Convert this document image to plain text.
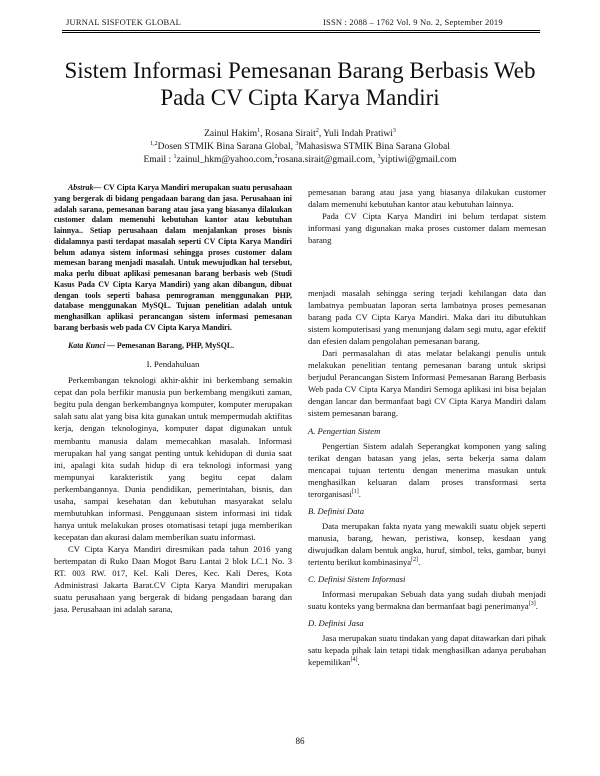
JURNAL SISFOTEK GLOBAL	ISSN : 2088 – 1762 Vol. 9 No. 2, September 2019
Sistem Informasi Pemesanan Barang Berbasis Web
Pada CV Cipta Karya Mandiri
Zainul Hakim$^1$, Rosana Sirait$^2$, Yuli Indah Pratiwi$^3$
$^{1,2}$Dosen STMIK Bina Sarana Global, $^3$Mahasiswa STMIK Bina Sarana Global
Email : $^1$zainul_hkm@yahoo.com,$^2$rosana.sirait@gmail.com, $^3$yiptiwi@gmail.com

Abstrak— CV Cipta Karya Mandiri merupakan suatu perusahaan yang bergerak di bidang pengadaan barang dan jasa. Perusahaan ini adalah sarana, pemesanan barang atau jasa yang biasanya dilakukan customer dalam memenuhi kebutuhan kantor atau kebutuhan lainnya.. Setiap perusahaan dalam menjalankan proses bisnis didalamnya pasti terdapat masalah seperti CV Cipta Karya Mandiri belum adanya sistem informasi sehingga proses customer dalam memesan barang menjadi masalah. Untuk mewujudkan hal tersebut, maka perlu dibuat aplikasi pemesanan barang berbasis web (Studi Kasus Pada CV Cipta Karya Mandiri) yang akan dibangun, dibuat dengan tools seperti bahasa pemrograman menggunakan PHP, database menggunakan MySQL. Tujuan penelitian adalah untuk menghasilkan aplikasi perancangan sistem informasi pemesanan barang berbasis web pada CV Cipta Karya Mandiri.

Kata Kunci — Pemesanan Barang, PHP, MySQL.

I. Pendahuluan

Perkembangan teknologi akhir-akhir ini berkembang semakin cepat dan pola berfikir manusia pun berkembang mengikuti zaman, begitu pula dengan berkembangnya komputer, komputer merupakan salah satu alat yang bisa kita gunakan untuk mempermudah aktifitas kerja, dengan teknologinya, komputer dapat digunakan untuk membantu manusia dalam memecahkan masalah. Informasi merupakan hal yang sangat penting untuk kehidupan di dunia saat ini, apalagi kita sudah hidup di era teknologi informasi yang mempunyai karakteristik yang begitu cepat dalam perkembangannya. Dunia pendidikan, pemerintahan, bisnis, dan usaha, sampai kesehatan dan kebutuhan masyarakat selalu membutuhkan informasi. Penggunaan sistem informasi ini tidak hanya untuk melakukan proses otomatisasi tetapi juga memberikan kecepatan dan akurasi dalam memberikan suatu informasi.

CV Cipta Karya Mandiri diresmikan pada tahun 2016 yang bertempatan di Ruko Daan Mogot Baru Lantai 2 blok LC.1 No. 3 RT. 003 RW. 017, Kel. Kali Deres, Kec. Kali Deres, Kota Administrasi Jakarta Barat.CV Cipta Karya Mandiri merupakan suatu perusahaan yang bergerak di bidang pengadaan barang dan jasa. Perusahaan ini adalah sarana,

pemesanan barang atau jasa yang biasanya dilakukan customer dalam memenuhi kebutuhan kantor atau kebutuhan lainnya.

Pada CV Cipta Karya Mandiri ini belum terdapat sistem informasi yang digunakan maka proses customer dalam memesan barang

menjadi masalah sehingga sering terjadi kehilangan data dan lambatnya pembuatan laporan serta lambatnya proses pemesanan barang pada CV Cipta Karya Mandiri. Maka dari itu dibutuhkan sistem komputerisasi yang menunjang dalam segi mutu, agar efektif dan efesien dalam pengolahan pemesanan barang.

Dari permasalahan di atas melatar belakangi penulis untuk melakukan penelitian tentang pemesanan barang untuk skripsi berjudul Perancangan Sistem Informasi Pemesanan Barang Berbasis Web pada CV Cipta Karya Mandiri Semoga aplikasi ini bisa bejalan dengan lancar dan bermanfaat bagi CV Cipta Karya Mandiri dalam sistem pemesanan barang.

A. Pengertian Sistem

Pengertian Sistem adalah Seperangkat komponen yang saling terikat dengan batasan yang jelas, serta bekerja sama dalam mencapai tujuan tertentu dengan menerima masukan untuk menghasilkan keluaran dalam proses transformasi serta terorganisasi[1].

B. Definisi Data

Data merupakan fakta nyata yang mewakili suatu objek seperti manusia, barang, hewan, peristiwa, konsep, kesdaan yang diwujudkan dalam bentuk angka, huruf, simbol, teks, gambar, bunyi tertentu berikut kombinasinya[2].

C. Definisi Sistem Informasi

Informasi merupakan Sebuah data yang sudah diubah menjadi suatu konteks yang bermakna dan bermanfaat bagi penerimanya[3].

D. Definisi Jasa

Jasa merupakan suatu tindakan yang dapat ditawarkan dari pihak satu kepada pihak lain tetapi tidak menghasilkan adanya perubahan kepemilikan[4].

86
